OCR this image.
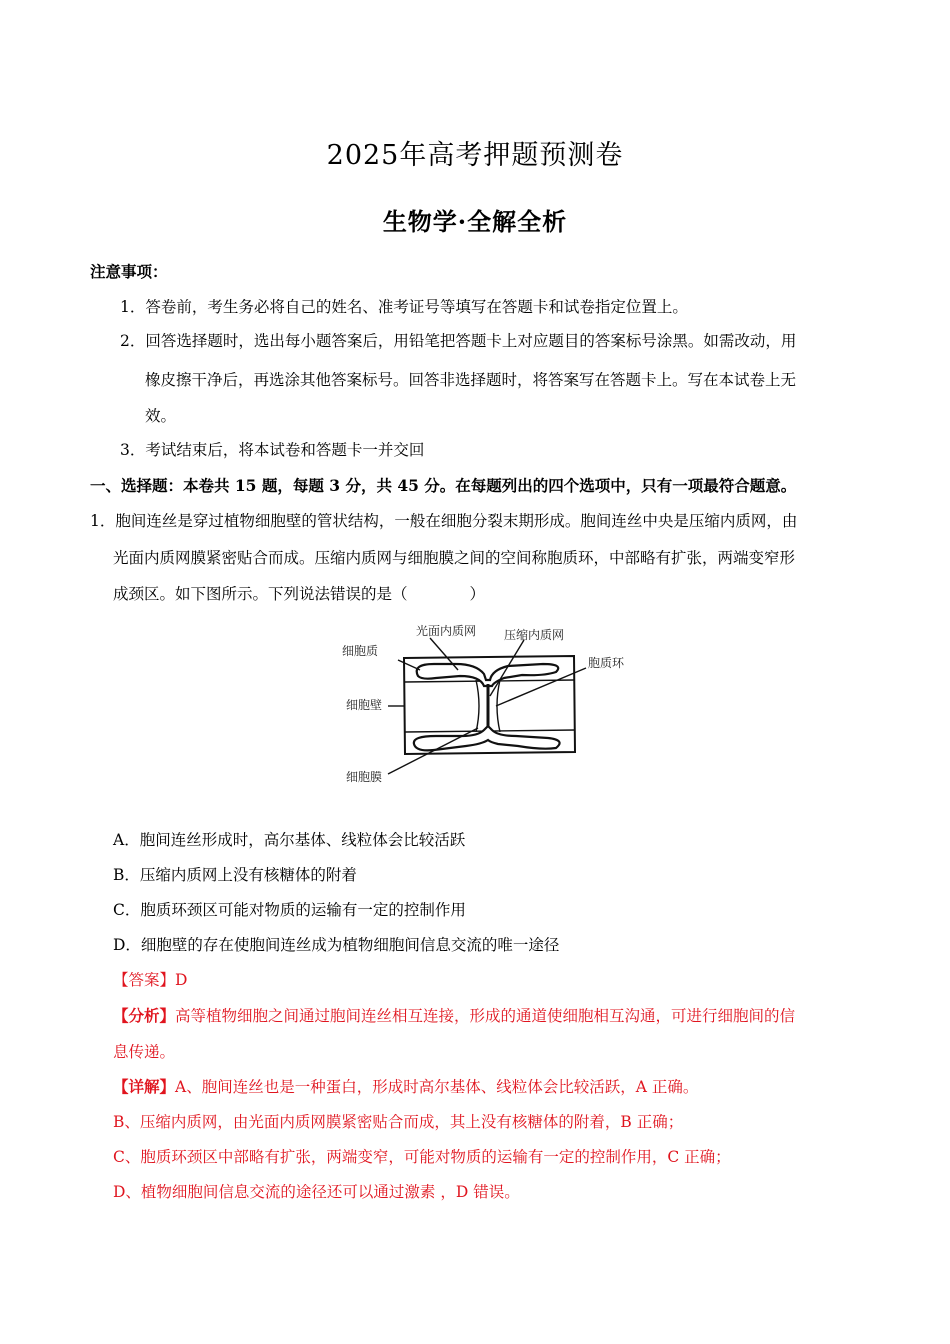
2025年高考押题预测卷
生物学·全解全析
注意事项：
1．答卷前，考生务必将自己的姓名、准考证号等填写在答题卡和试卷指定位置上。
2．回答选择题时，选出每小题答案后，用铅笔把答题卡上对应题目的答案标号涂黑。如需改动，用
橡皮擦干净后，再选涂其他答案标号。回答非选择题时，将答案写在答题卡上。写在本试卷上无
效。
3．考试结束后，将本试卷和答题卡一并交回
一、选择题：本卷共 15 题，每题 3 分，共 45 分。在每题列出的四个选项中，只有一项最符合题意。
1．胞间连丝是穿过植物细胞壁的管状结构，一般在细胞分裂末期形成。胞间连丝中央是压缩内质网，由
光面内质网膜紧密贴合而成。压缩内质网与细胞膜之间的空间称胞质环，中部略有扩张，两端变窄形
成颈区。如下图所示。下列说法错误的是（　　　　）
细胞质
光面内质网 压缩内质网
胞质环
细胞壁
细胞膜
A．胞间连丝形成时，高尔基体、线粒体会比较活跃
B．压缩内质网上没有核糖体的附着
C．胞质环颈区可能对物质的运输有一定的控制作用
D．细胞壁的存在使胞间连丝成为植物细胞间信息交流的唯一途径
【答案】D
【分析】高等植物细胞之间通过胞间连丝相互连接，形成的通道使细胞相互沟通，可进行细胞间的信
息传递。
【详解】A、胞间连丝也是一种蛋白，形成时高尔基体、线粒体会比较活跃，A 正确。
B、压缩内质网，由光面内质网膜紧密贴合而成，其上没有核糖体的附着，B 正确；
C、胞质环颈区中部略有扩张，两端变窄，可能对物质的运输有一定的控制作用，C 正确；
D、植物细胞间信息交流的途径还可以通过激素 ，D 错误。
